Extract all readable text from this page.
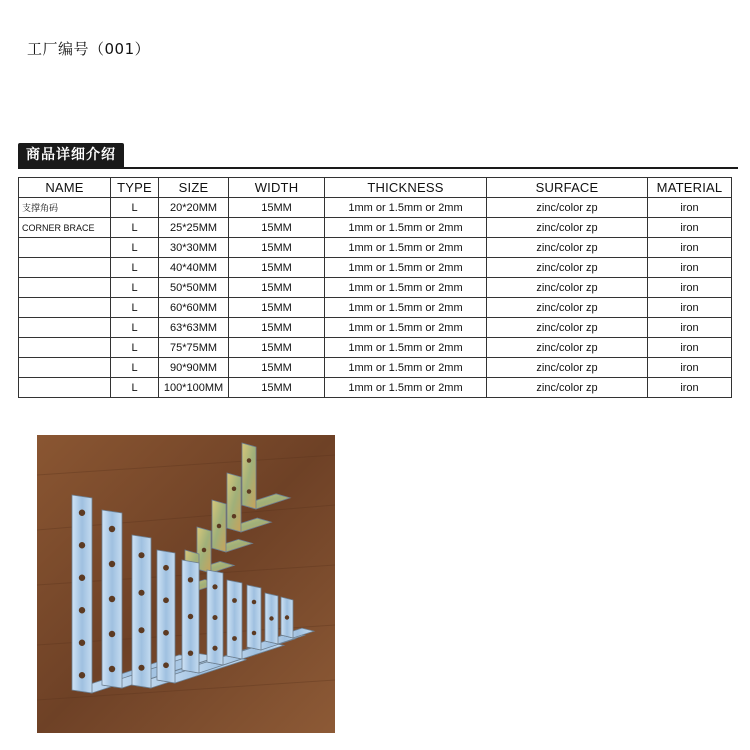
工厂编号（001）
商品详细介绍
NAME	TYPE	SIZE	WIDTH	THICKNESS	SURFACE	MATERIAL
支撑角码	L	20*20MM	15MM	1mm or 1.5mm or 2mm	zinc/color zp	iron
CORNER BRACE	L	25*25MM	15MM	1mm or 1.5mm or 2mm	zinc/color zp	iron
	L	30*30MM	15MM	1mm or 1.5mm or 2mm	zinc/color zp	iron
	L	40*40MM	15MM	1mm or 1.5mm or 2mm	zinc/color zp	iron
	L	50*50MM	15MM	1mm or 1.5mm or 2mm	zinc/color zp	iron
	L	60*60MM	15MM	1mm or 1.5mm or 2mm	zinc/color zp	iron
	L	63*63MM	15MM	1mm or 1.5mm or 2mm	zinc/color zp	iron
	L	75*75MM	15MM	1mm or 1.5mm or 2mm	zinc/color zp	iron
	L	90*90MM	15MM	1mm or 1.5mm or 2mm	zinc/color zp	iron
	L	100*100MM	15MM	1mm or 1.5mm or 2mm	zinc/color zp	iron
